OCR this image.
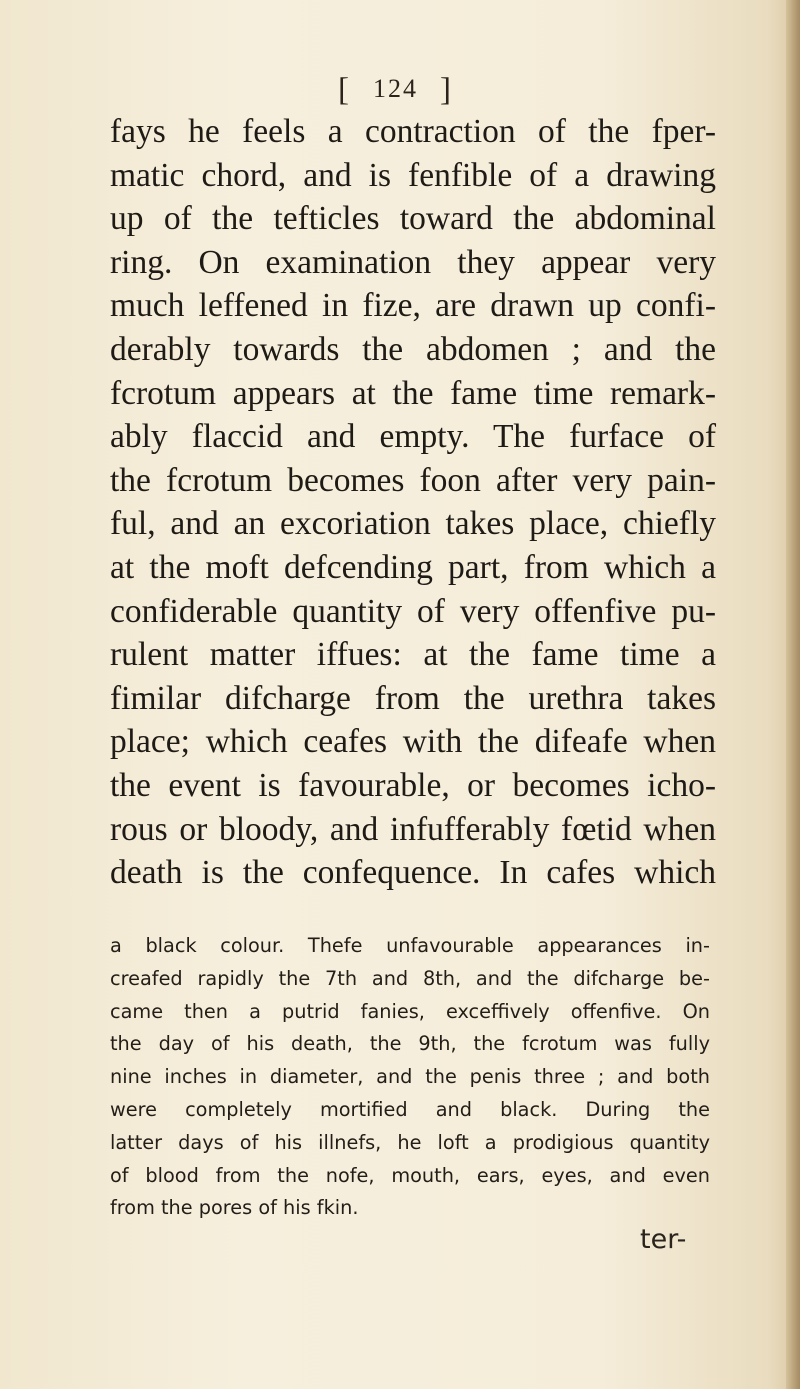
[ 124 ]
fays he feels a contraction of the fper-
matic chord, and is fenfible of a drawing
up of the tefticles toward the abdominal
ring. On examination they appear very
much leffened in fize, are drawn up confi-
derably towards the abdomen ; and the
fcrotum appears at the fame time remark-
ably flaccid and empty. The furface of
the fcrotum becomes foon after very pain-
ful, and an excoriation takes place, chiefly
at the moft defcending part, from which a
confiderable quantity of very offenfive pu-
rulent matter iffues: at the fame time a
fimilar difcharge from the urethra takes
place; which ceafes with the difeafe when
the event is favourable, or becomes icho-
rous or bloody, and infufferably fœtid when
death is the confequence. In cafes which
a black colour. Thefe unfavourable appearances in-
creafed rapidly the 7th and 8th, and the difcharge be-
came then a putrid fanies, exceffively offenfive. On
the day of his death, the 9th, the fcrotum was fully
nine inches in diameter, and the penis three ; and both
were completely mortified and black. During the
latter days of his illnefs, he loft a prodigious quantity
of blood from the nofe, mouth, ears, eyes, and even
from the pores of his fkin.
ter-
